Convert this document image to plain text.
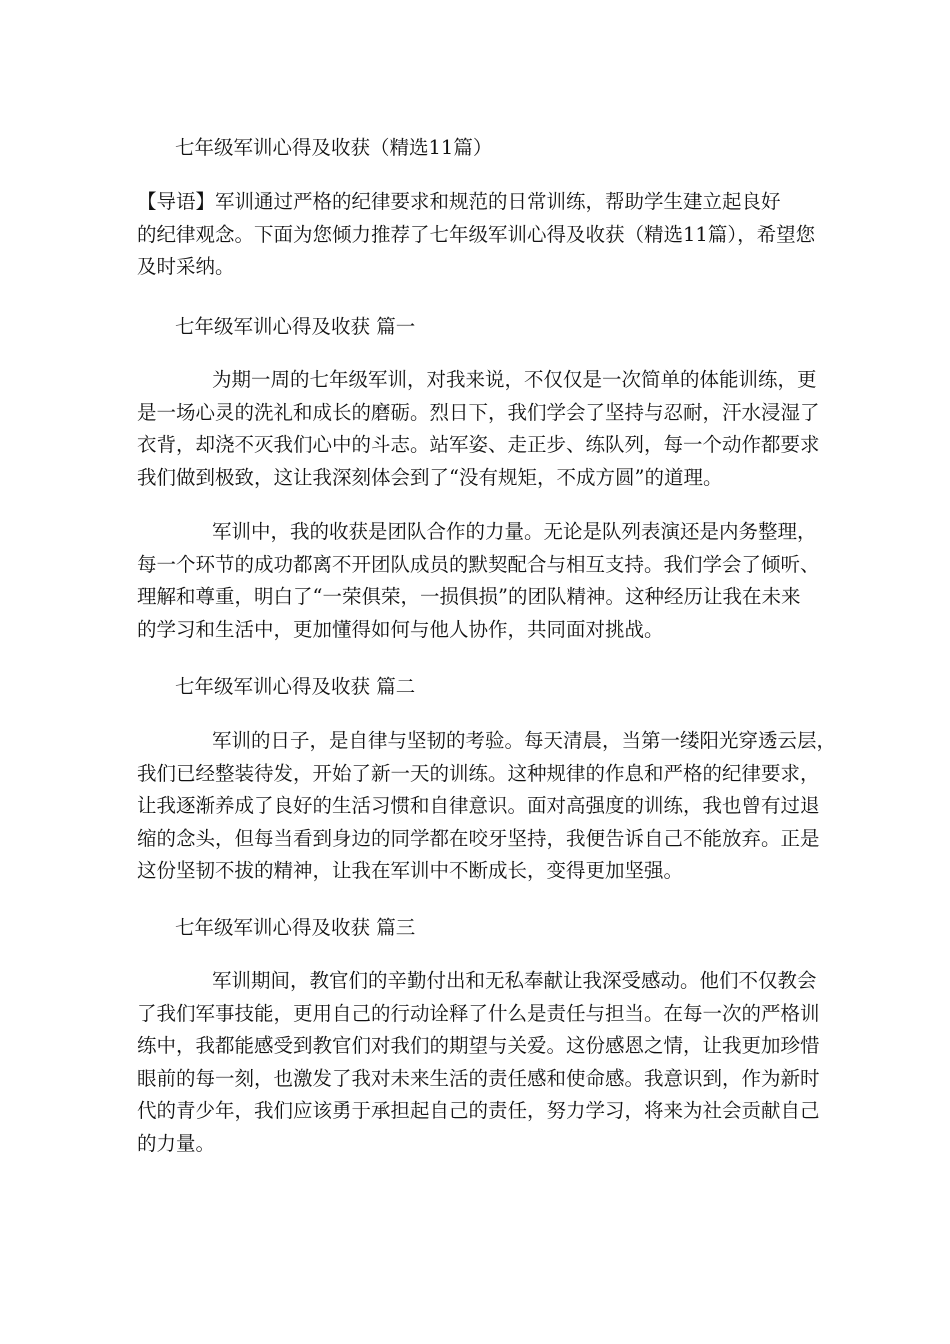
七年级军训心得及收获（精选11篇）

【导语】军训通过严格的纪律要求和规范的日常训练，帮助学生建立起良好
的纪律观念。下面为您倾力推荐了七年级军训心得及收获（精选11篇），希望您
及时采纳。

七年级军训心得及收获 篇一

为期一周的七年级军训，对我来说，不仅仅是一次简单的体能训练，更
是一场心灵的洗礼和成长的磨砺。烈日下，我们学会了坚持与忍耐，汗水浸湿了
衣背，却浇不灭我们心中的斗志。站军姿、走正步、练队列，每一个动作都要求
我们做到极致，这让我深刻体会到了“没有规矩，不成方圆”的道理。
军训中，我的收获是团队合作的力量。无论是队列表演还是内务整理，
每一个环节的成功都离不开团队成员的默契配合与相互支持。我们学会了倾听、
理解和尊重，明白了“一荣俱荣，一损俱损”的团队精神。这种经历让我在未来
的学习和生活中，更加懂得如何与他人协作，共同面对挑战。

七年级军训心得及收获 篇二

军训的日子，是自律与坚韧的考验。每天清晨，当第一缕阳光穿透云层，
我们已经整装待发，开始了新一天的训练。这种规律的作息和严格的纪律要求，
让我逐渐养成了良好的生活习惯和自律意识。面对高强度的训练，我也曾有过退
缩的念头，但每当看到身边的同学都在咬牙坚持，我便告诉自己不能放弃。正是
这份坚韧不拔的精神，让我在军训中不断成长，变得更加坚强。

七年级军训心得及收获 篇三

军训期间，教官们的辛勤付出和无私奉献让我深受感动。他们不仅教会
了我们军事技能，更用自己的行动诠释了什么是责任与担当。在每一次的严格训
练中，我都能感受到教官们对我们的期望与关爱。这份感恩之情，让我更加珍惜
眼前的每一刻，也激发了我对未来生活的责任感和使命感。我意识到，作为新时
代的青少年，我们应该勇于承担起自己的责任，努力学习，将来为社会贡献自己
的力量。
